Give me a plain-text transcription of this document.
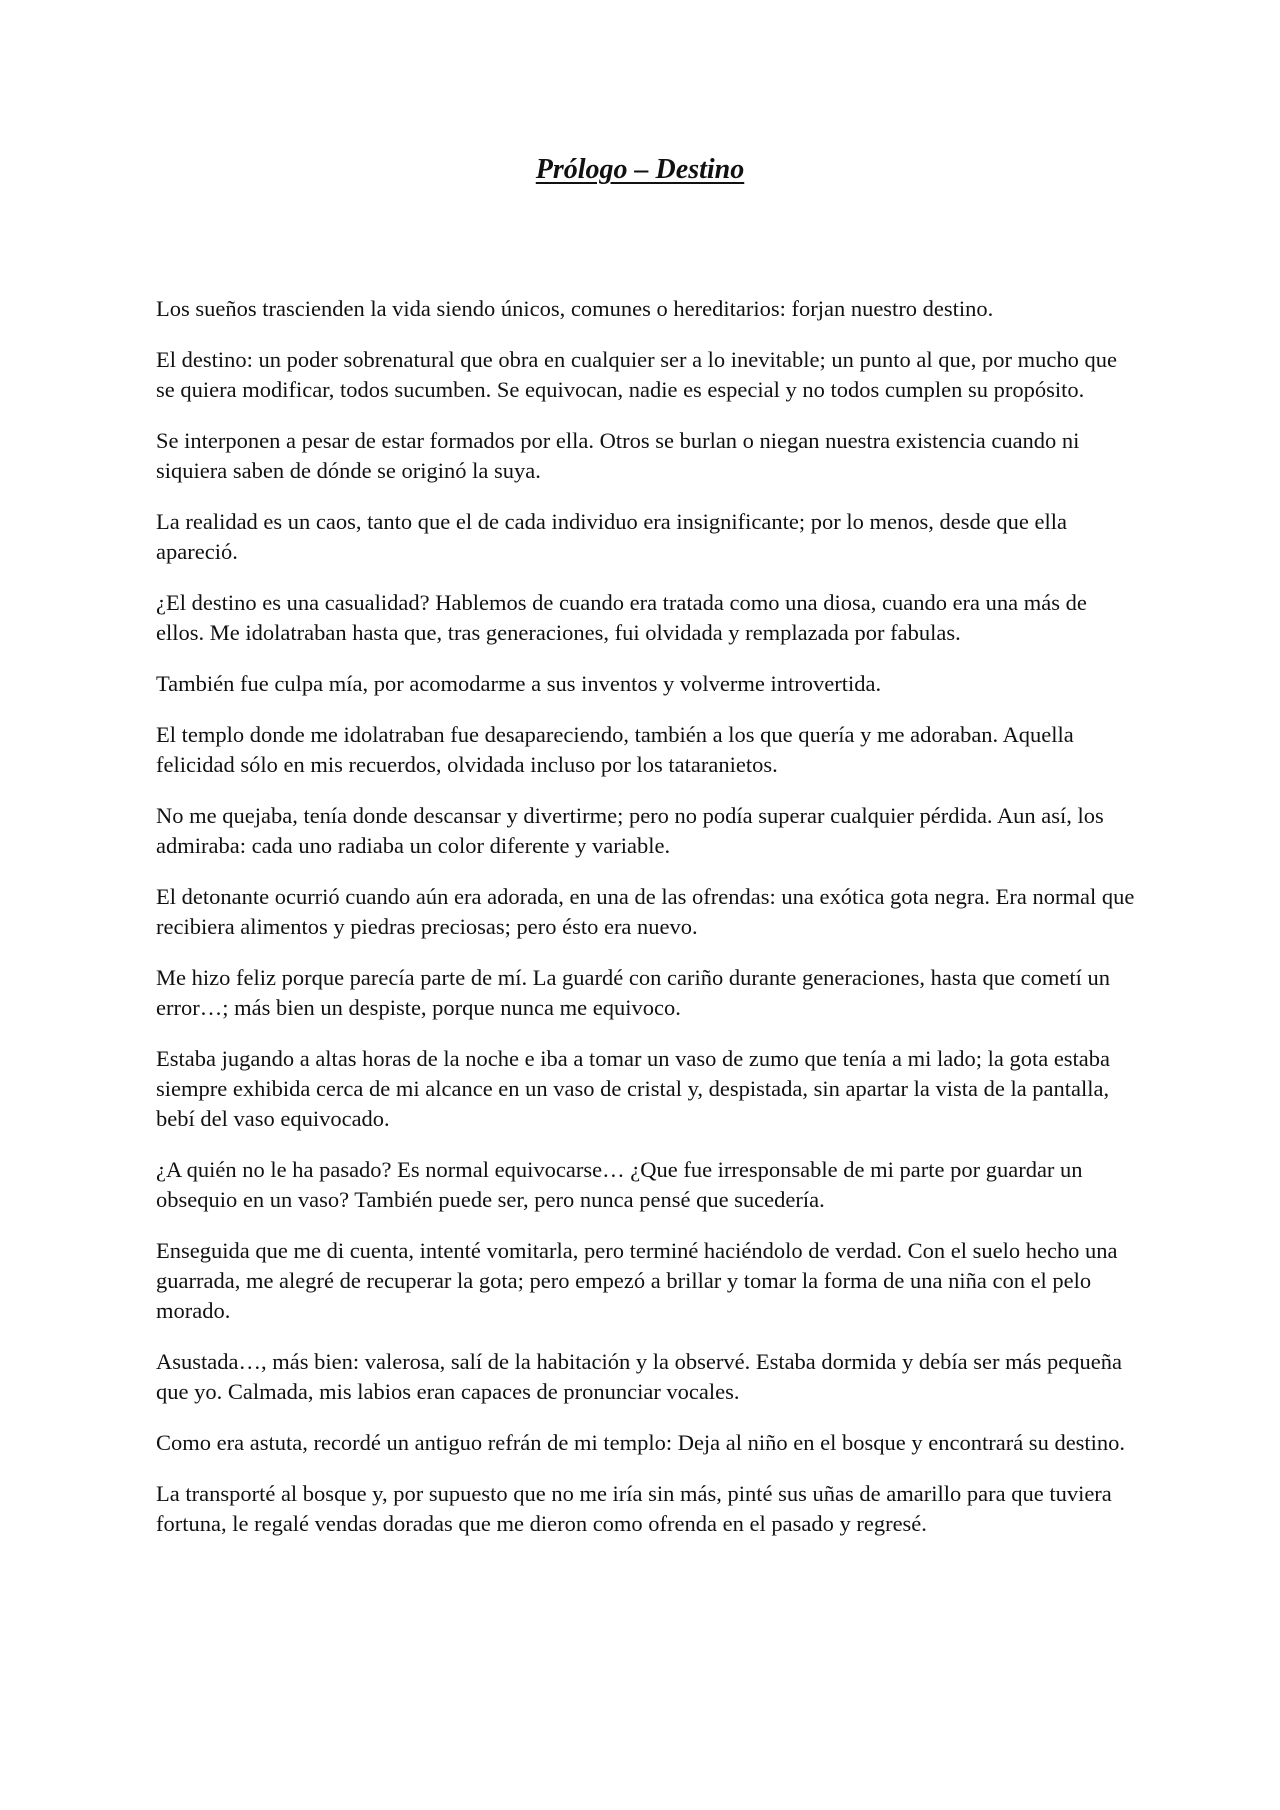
Prólogo – Destino

Los sueños trascienden la vida siendo únicos, comunes o hereditarios: forjan nuestro destino.

El destino: un poder sobrenatural que obra en cualquier ser a lo inevitable; un punto al que, por mucho que se quiera modificar, todos sucumben. Se equivocan, nadie es especial y no todos cumplen su propósito.

Se interponen a pesar de estar formados por ella. Otros se burlan o niegan nuestra existencia cuando ni siquiera saben de dónde se originó la suya.

La realidad es un caos, tanto que el de cada individuo era insignificante; por lo menos, desde que ella apareció.

¿El destino es una casualidad? Hablemos de cuando era tratada como una diosa, cuando era una más de ellos. Me idolatraban hasta que, tras generaciones, fui olvidada y remplazada por fabulas.

También fue culpa mía, por acomodarme a sus inventos y volverme introvertida.

El templo donde me idolatraban fue desapareciendo, también a los que quería y me adoraban. Aquella felicidad sólo en mis recuerdos, olvidada incluso por los tataranietos.

No me quejaba, tenía donde descansar y divertirme; pero no podía superar cualquier pérdida. Aun así, los admiraba: cada uno radiaba un color diferente y variable.

El detonante ocurrió cuando aún era adorada, en una de las ofrendas: una exótica gota negra. Era normal que recibiera alimentos y piedras preciosas; pero ésto era nuevo.

Me hizo feliz porque parecía parte de mí. La guardé con cariño durante generaciones, hasta que cometí un error…; más bien un despiste, porque nunca me equivoco.

Estaba jugando a altas horas de la noche e iba a tomar un vaso de zumo que tenía a mi lado; la gota estaba siempre exhibida cerca de mi alcance en un vaso de cristal y, despistada, sin apartar la vista de la pantalla, bebí del vaso equivocado.

¿A quién no le ha pasado? Es normal equivocarse… ¿Que fue irresponsable de mi parte por guardar un obsequio en un vaso? También puede ser, pero nunca pensé que sucedería.

Enseguida que me di cuenta, intenté vomitarla, pero terminé haciéndolo de verdad. Con el suelo hecho una guarrada, me alegré de recuperar la gota; pero empezó a brillar y tomar la forma de una niña con el pelo morado.

Asustada…, más bien: valerosa, salí de la habitación y la observé. Estaba dormida y debía ser más pequeña que yo. Calmada, mis labios eran capaces de pronunciar vocales.

Como era astuta, recordé un antiguo refrán de mi templo: Deja al niño en el bosque y encontrará su destino.

La transporté al bosque y, por supuesto que no me iría sin más, pinté sus uñas de amarillo para que tuviera fortuna, le regalé vendas doradas que me dieron como ofrenda en el pasado y regresé.
